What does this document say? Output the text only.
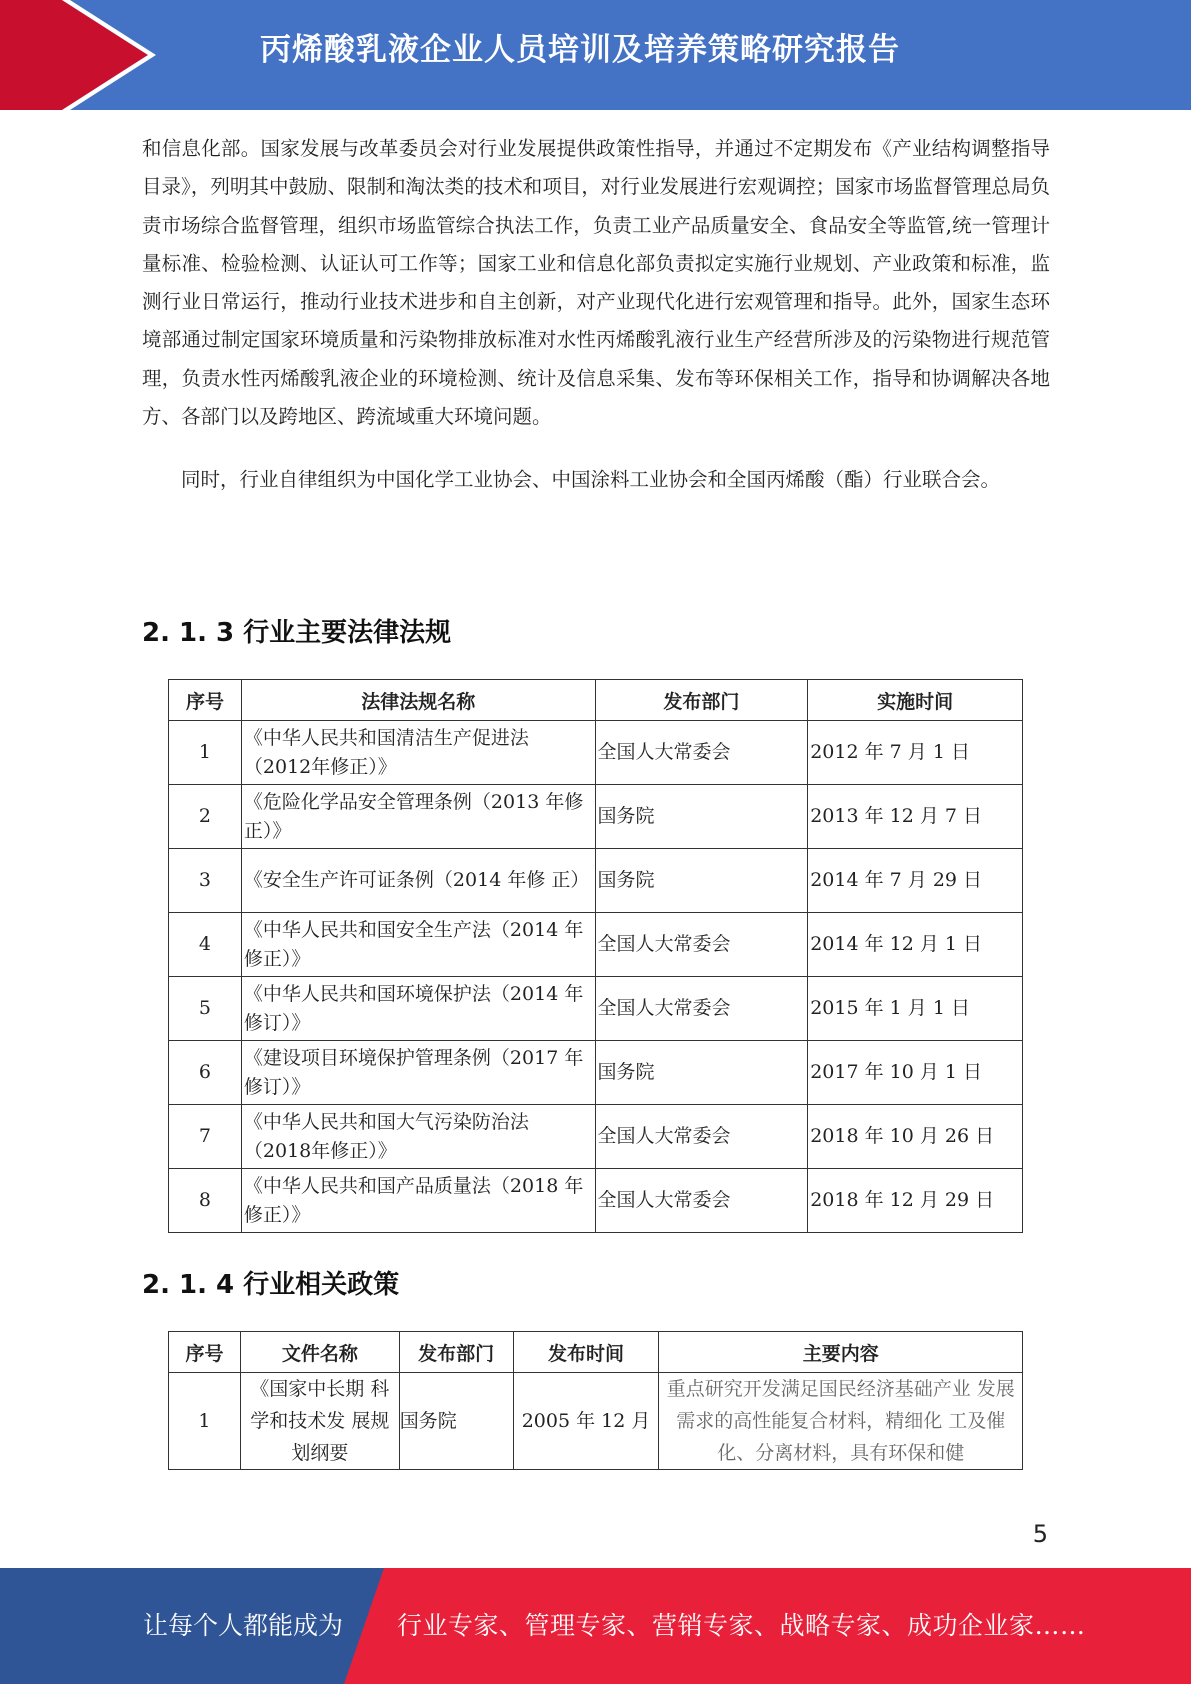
丙烯酸乳液企业人员培训及培养策略研究报告

和信息化部。国家发展与改革委员会对行业发展提供政策性指导，并通过不定期发布《产业结构调整指导目录》，列明其中鼓励、限制和淘汰类的技术和项目，对行业发展进行宏观调控；国家市场监督管理总局负责市场综合监督管理，组织市场监管综合执法工作，负责工业产品质量安全、食品安全等监管,统一管理计量标准、检验检测、认证认可工作等；国家工业和信息化部负责拟定实施行业规划、产业政策和标准，监测行业日常运行，推动行业技术进步和自主创新，对产业现代化进行宏观管理和指导。此外，国家生态环境部通过制定国家环境质量和污染物排放标准对水性丙烯酸乳液行业生产经营所涉及的污染物进行规范管理，负责水性丙烯酸乳液企业的环境检测、统计及信息采集、发布等环保相关工作，指导和协调解决各地方、各部门以及跨地区、跨流域重大环境问题。

同时，行业自律组织为中国化学工业协会、中国涂料工业协会和全国丙烯酸（酯）行业联合会。

2. 1. 3 行业主要法律法规
序号	法律法规名称	发布部门	实施时间
1	《中华人民共和国清洁生产促进法（2012年修正）》	全国人大常委会	2012 年 7 月 1 日
2	《危险化学品安全管理条例（2013 年修正）》	国务院	2013 年 12 月 7 日
3	《安全生产许可证条例（2014 年修 正）	国务院	2014 年 7 月 29 日
4	《中华人民共和国安全生产法（2014 年修正）》	全国人大常委会	2014 年 12 月 1 日
5	《中华人民共和国环境保护法（2014 年修订）》	全国人大常委会	2015 年 1 月 1 日
6	《建设项目环境保护管理条例（2017 年修订）》	国务院	2017 年 10 月 1 日
7	《中华人民共和国大气污染防治法（2018年修正）》	全国人大常委会	2018 年 10 月 26 日
8	《中华人民共和国产品质量法（2018 年修正）》	全国人大常委会	2018 年 12 月 29 日
2. 1. 4 行业相关政策
序号	文件名称	发布部门	发布时间	主要内容
1	《国家中长期 科学和技术发 展规划纲要	国务院	2005 年 12 月	重点研究开发满足国民经济基础产业 发展需求的高性能复合材料，精细化 工及催化、分离材料，具有环保和健
5
让每个人都能成为 行业专家、管理专家、营销专家、战略专家、成功企业家……
